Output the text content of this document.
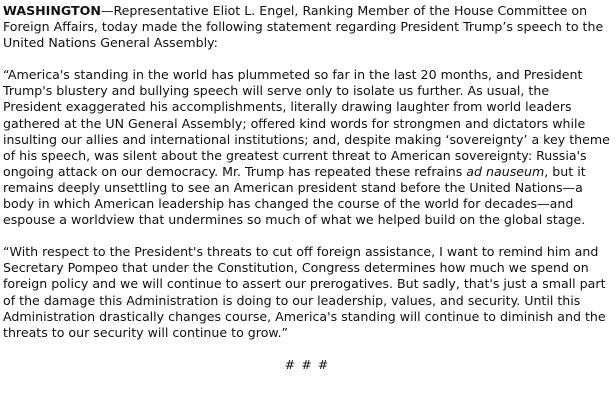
WASHINGTON—Representative Eliot L. Engel, Ranking Member of the House Committee on Foreign Affairs, today made the following statement regarding President Trump’s speech to the United Nations General Assembly:

“America's standing in the world has plummeted so far in the last 20 months, and President Trump's blustery and bullying speech will serve only to isolate us further. As usual, the President exaggerated his accomplishments, literally drawing laughter from world leaders gathered at the UN General Assembly; offered kind words for strongmen and dictators while insulting our allies and international institutions; and, despite making ‘sovereignty’ a key theme of his speech, was silent about the greatest current threat to American sovereignty: Russia's ongoing attack on our democracy. Mr. Trump has repeated these refrains ad nauseum, but it remains deeply unsettling to see an American president stand before the United Nations—a body in which American leadership has changed the course of the world for decades—and espouse a worldview that undermines so much of what we helped build on the global stage.

“With respect to the President's threats to cut off foreign assistance, I want to remind him and Secretary Pompeo that under the Constitution, Congress determines how much we spend on foreign policy and we will continue to assert our prerogatives. But sadly, that's just a small part of the damage this Administration is doing to our leadership, values, and security. Until this Administration drastically changes course, America's standing will continue to diminish and the threats to our security will continue to grow.”

# # #
